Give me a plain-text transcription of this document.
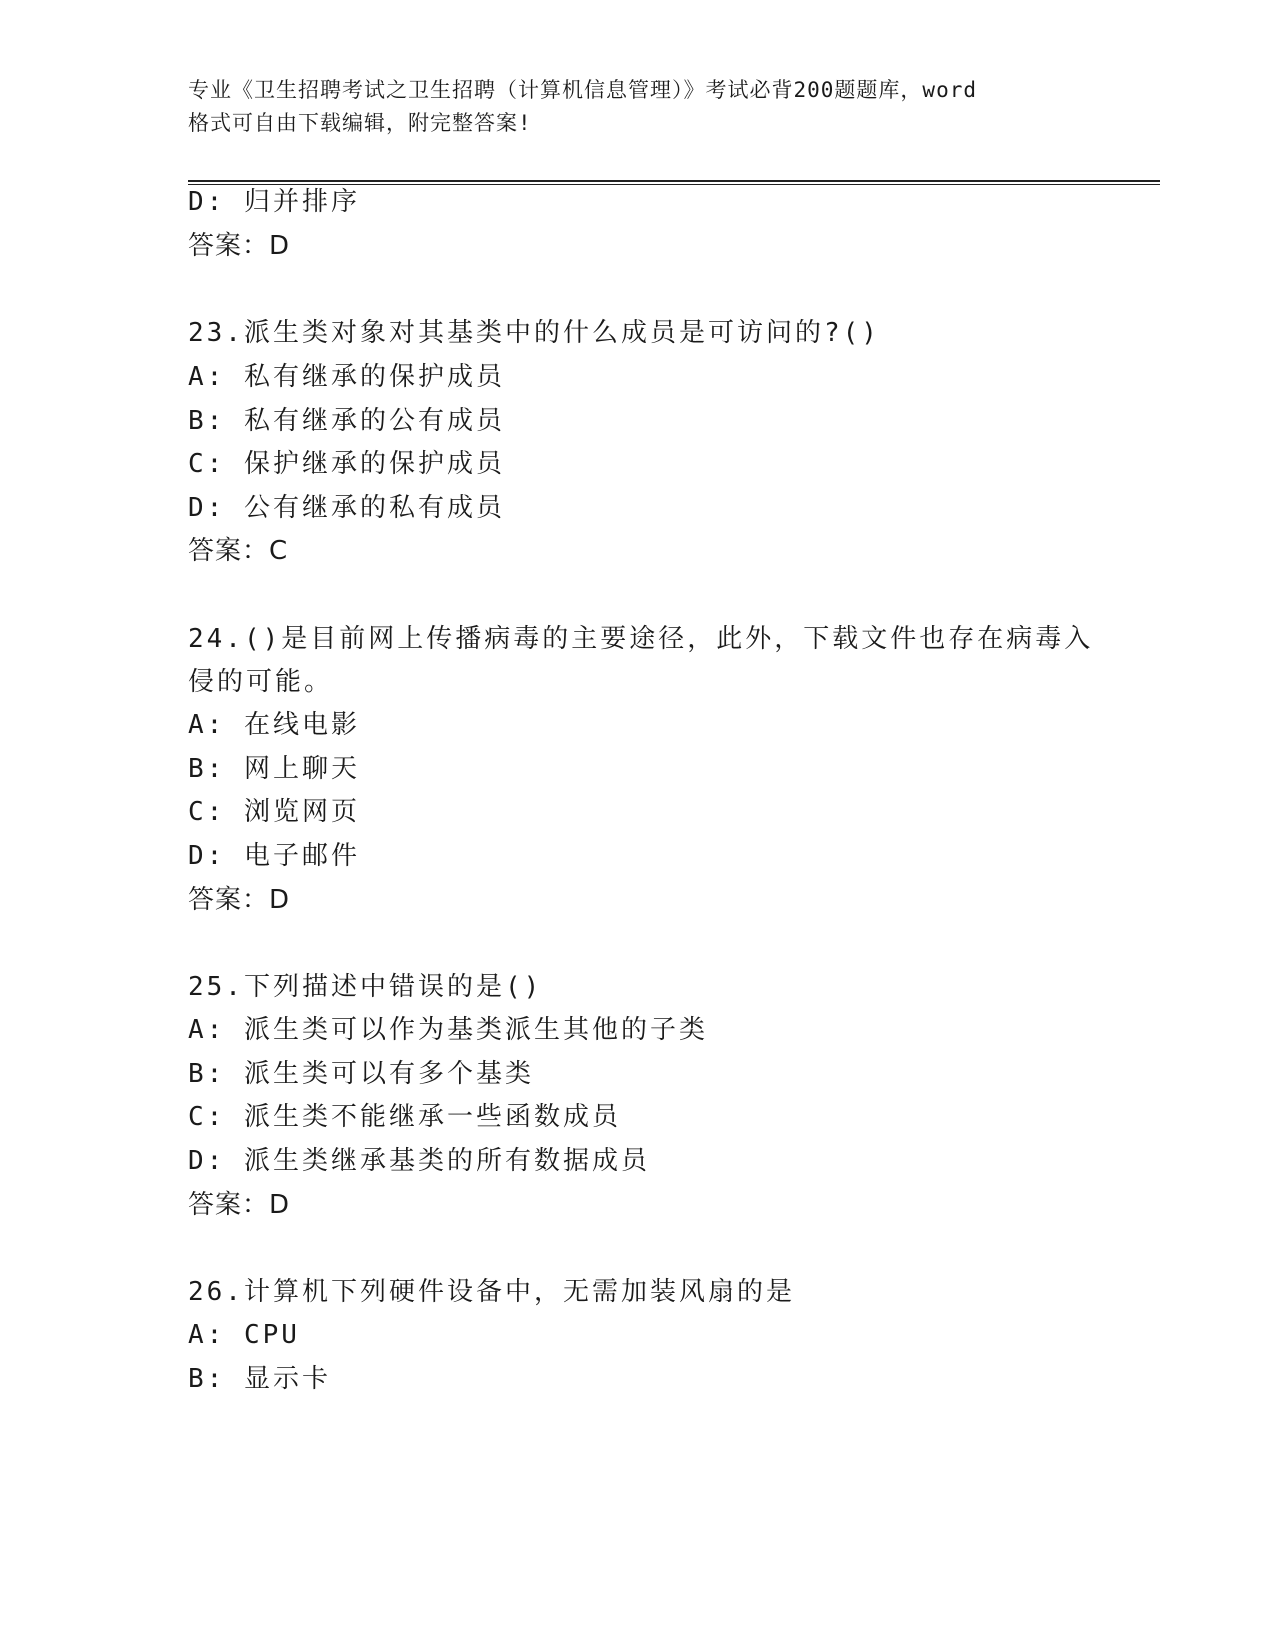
专业《卫生招聘考试之卫生招聘（计算机信息管理）》考试必背200题题库，word
格式可自由下载编辑，附完整答案!
D: 归并排序
答案：D
23.派生类对象对其基类中的什么成员是可访问的?()
A: 私有继承的保护成员
B: 私有继承的公有成员
C: 保护继承的保护成员
D: 公有继承的私有成员
答案：C
24.()是目前网上传播病毒的主要途径，此外，下载文件也存在病毒入
侵的可能。
A: 在线电影
B: 网上聊天
C: 浏览网页
D: 电子邮件
答案：D
25.下列描述中错误的是()
A: 派生类可以作为基类派生其他的子类
B: 派生类可以有多个基类
C: 派生类不能继承一些函数成员
D: 派生类继承基类的所有数据成员
答案：D
26.计算机下列硬件设备中，无需加装风扇的是
A: CPU
B: 显示卡
